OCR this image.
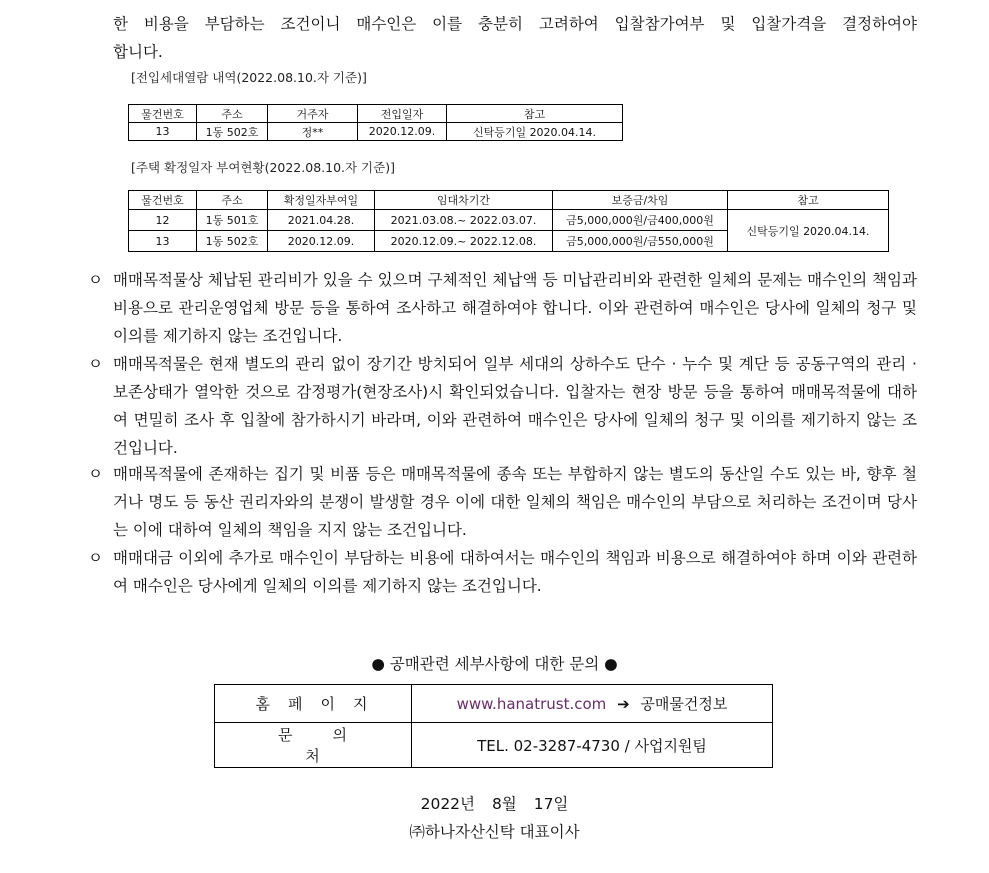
한 비용을 부담하는 조건이니 매수인은 이를 충분히 고려하여 입찰참가여부 및 입찰가격을 결정하여야
합니다.
[전입세대열람 내역(2022.08.10.자 기준)]
물건번호	주소	거주자	전입일자	참고
13	1동 502호	정**	2020.12.09.	신탁등기일 2020.04.14.
[주택 확정일자 부여현황(2022.08.10.자 기준)]
물건번호	주소	확정일자부여일	임대차기간	보증금/차임	참고
12	1동 501호	2021.04.28.	2021.03.08.~ 2022.03.07.	금5,000,000원/금400,000원	신탁등기일 2020.04.14.
13	1동 502호	2020.12.09.	2020.12.09.~ 2022.12.08.	금5,000,000원/금550,000원	
ㅇ 매매목적물상 체납된 관리비가 있을 수 있으며 구체적인 체납액 등 미납관리비와 관련한 일체의 문제는 매수인의 책임과 비용으로 관리운영업체 방문 등을 통하여 조사하고 해결하여야 합니다. 이와 관련하여 매수인은 당사에 일체의 청구 및 이의를 제기하지 않는 조건입니다.
ㅇ 매매목적물은 현재 별도의 관리 없이 장기간 방치되어 일부 세대의 상하수도 단수 · 누수 및 계단 등 공동구역의 관리 · 보존상태가 열악한 것으로 감정평가(현장조사)시 확인되었습니다. 입찰자는 현장 방문 등을 통하여 매매목적물에 대하여 면밀히 조사 후 입찰에 참가하시기 바라며, 이와 관련하여 매수인은 당사에 일체의 청구 및 이의를 제기하지 않는 조건입니다.
ㅇ 매매목적물에 존재하는 집기 및 비품 등은 매매목적물에 종속 또는 부합하지 않는 별도의 동산일 수도 있는 바, 향후 철거나 명도 등 동산 권리자와의 분쟁이 발생할 경우 이에 대한 일체의 책임은 매수인의 부담으로 처리하는 조건이며 당사는 이에 대하여 일체의 책임을 지지 않는 조건입니다.
ㅇ 매매대금 이외에 추가로 매수인이 부담하는 비용에 대하여서는 매수인의 책임과 비용으로 해결하여야 하며 이와 관련하여 매수인은 당사에게 일체의 이의를 제기하지 않는 조건입니다.
● 공매관련 세부사항에 대한 문의 ●
홈페이지	www.hanatrust.com ➔ 공매물건정보
문의처	TEL. 02-3287-4730 / 사업지원팀
2022년 8월 17일
㈜하나자산신탁 대표이사
